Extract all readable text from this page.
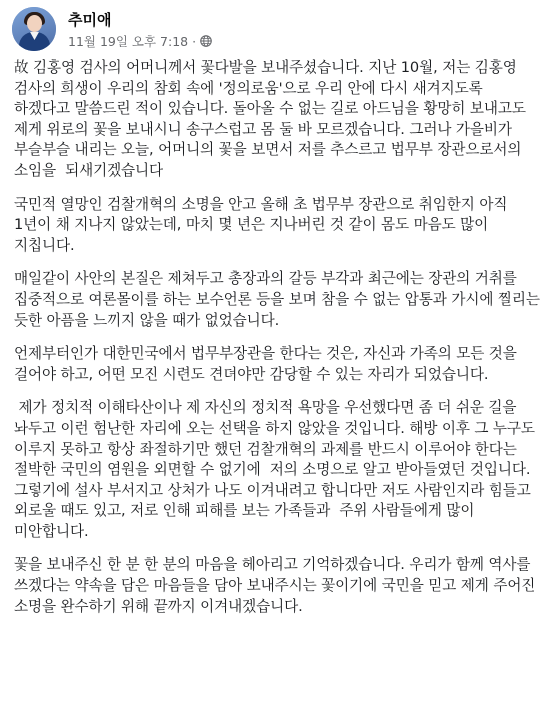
추미애
11월 19일 오후 7:18 ·

故 김홍영 검사의 어머니께서 꽃다발을 보내주셨습니다. 지난 10월, 저는 김홍영 검사의 희생이 우리의 참회 속에 '정의로움'으로 우리 안에 다시 새겨지도록 하겠다고 말씀드린 적이 있습니다. 돌아올 수 없는 길로 아드님을 황망히 보내고도 제게 위로의 꽃을 보내시니 송구스럽고 몸 둘 바 모르겠습니다. 그러나 가을비가 부슬부슬 내리는 오늘, 어머니의 꽃을 보면서 저를 추스르고 법무부 장관으로서의 소임을  되새기겠습니다

국민적 열망인 검찰개혁의 소명을 안고 올해 초 법무부 장관으로 취임한지 아직 1년이 채 지나지 않았는데, 마치 몇 년은 지나버린 것 같이 몸도 마음도 많이 지칩니다.

매일같이 사안의 본질은 제쳐두고 총장과의 갈등 부각과 최근에는 장관의 거취를 집중적으로 여론몰이를 하는 보수언론 등을 보며 참을 수 없는 압통과 가시에 찔리는 듯한 아픔을 느끼지 않을 때가 없었습니다.

언제부터인가 대한민국에서 법무부장관을 한다는 것은, 자신과 가족의 모든 것을 걸어야 하고, 어떤 모진 시련도 견뎌야만 감당할 수 있는 자리가 되었습니다.

제가 정치적 이해타산이나 제 자신의 정치적 욕망을 우선했다면 좀 더 쉬운 길을 놔두고 이런 험난한 자리에 오는 선택을 하지 않았을 것입니다. 해방 이후 그 누구도 이루지 못하고 항상 좌절하기만 했던 검찰개혁의 과제를 반드시 이루어야 한다는 절박한 국민의 염원을 외면할 수 없기에  저의 소명으로 알고 받아들였던 것입니다. 그렇기에 설사 부서지고 상처가 나도 이겨내려고 합니다만 저도 사람인지라 힘들고 외로울 때도 있고, 저로 인해 피해를 보는 가족들과  주위 사람들에게 많이 미안합니다.

꽃을 보내주신 한 분 한 분의 마음을 헤아리고 기억하겠습니다. 우리가 함께 역사를 쓰겠다는 약속을 담은 마음들을 담아 보내주시는 꽃이기에 국민을 믿고 제게 주어진 소명을 완수하기 위해 끝까지 이겨내겠습니다.
